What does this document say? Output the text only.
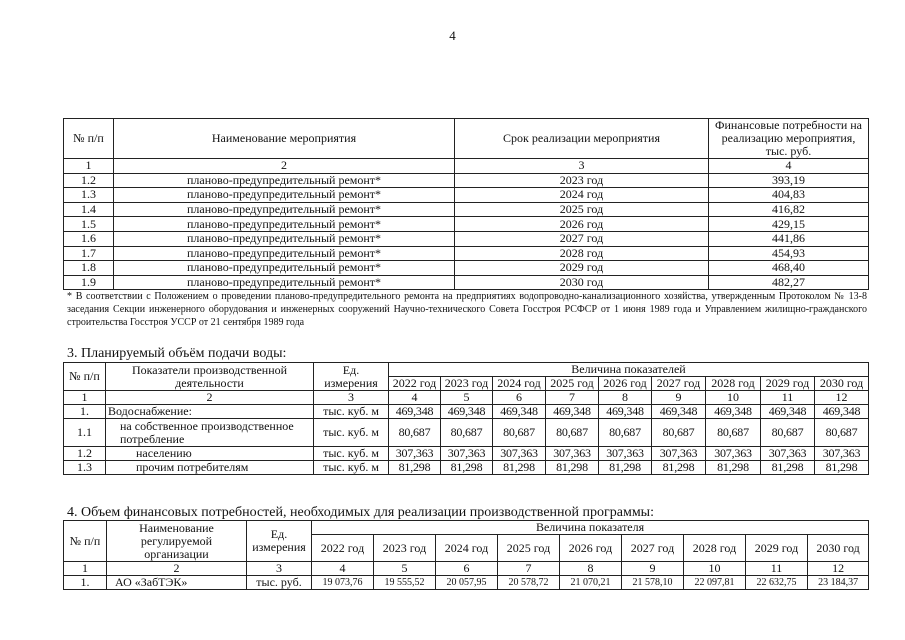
4
№ п/п	Наименование мероприятия	Срок реализации мероприятия	Финансовые потребности на реализацию мероприятия, тыс. руб.
1	2	3	4
1.2	планово-предупредительный ремонт*	2023 год	393,19
1.3	планово-предупредительный ремонт*	2024 год	404,83
1.4	планово-предупредительный ремонт*	2025 год	416,82
1.5	планово-предупредительный ремонт*	2026 год	429,15
1.6	планово-предупредительный ремонт*	2027 год	441,86
1.7	планово-предупредительный ремонт*	2028 год	454,93
1.8	планово-предупредительный ремонт*	2029 год	468,40
1.9	планово-предупредительный ремонт*	2030 год	482,27
* В соответствии с Положением о проведении планово-предупредительного ремонта на предприятиях водопроводно-канализационного хозяйства, утвержденным Протоколом № 13-8 заседания Секции инженерного оборудования и инженерных сооружений Научно-технического Совета Госстроя РСФСР от 1 июня 1989 года и Управлением жилищно-гражданского строительства Госстроя УССР от 21 сентября 1989 года
3. Планируемый объём подачи воды:
№ п/п	Показатели производственной деятельности	Ед. измерения	Величина показателей								
			2022 год	2023 год	2024 год	2025 год	2026 год	2027 год	2028 год	2029 год	2030 год
1	2	3	4	5	6	7	8	9	10	11	12
1.	Водоснабжение:	тыс. куб. м	469,348	469,348	469,348	469,348	469,348	469,348	469,348	469,348	469,348
1.1	на собственное производственное потребление	тыс. куб. м	80,687	80,687	80,687	80,687	80,687	80,687	80,687	80,687	80,687
1.2	населению	тыс. куб. м	307,363	307,363	307,363	307,363	307,363	307,363	307,363	307,363	307,363
1.3	прочим потребителям	тыс. куб. м	81,298	81,298	81,298	81,298	81,298	81,298	81,298	81,298	81,298
4. Объем финансовых потребностей, необходимых для реализации производственной программы:
№ п/п	Наименование регулируемой организации	Ед. измерения	Величина показателя								
			2022 год	2023 год	2024 год	2025 год	2026 год	2027 год	2028 год	2029 год	2030 год
1	2	3	4	5	6	7	8	9	10	11	12
1.	АО «ЗабТЭК»	тыс. руб.	19 073,76	19 555,52	20 057,95	20 578,72	21 070,21	21 578,10	22 097,81	22 632,75	23 184,37
